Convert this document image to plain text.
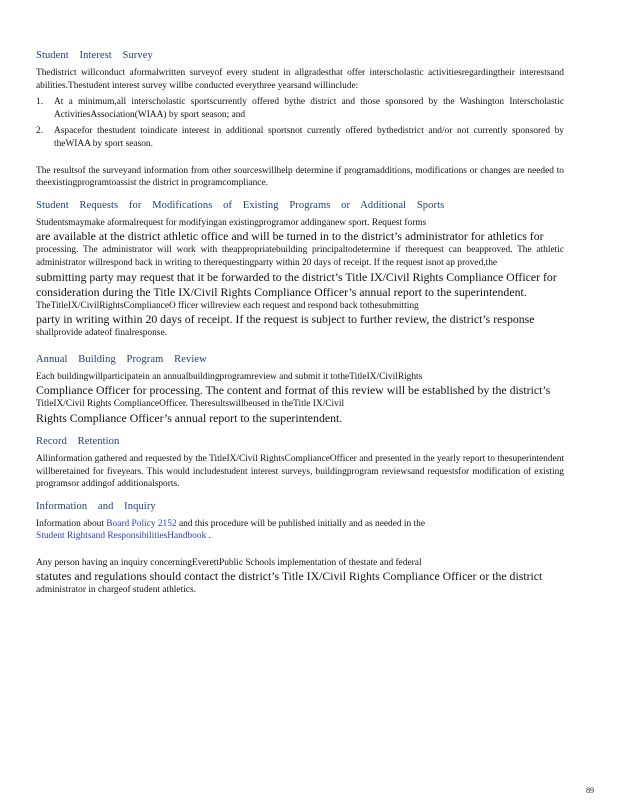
Student Interest Survey

Thedistrict willconduct aformalwritten surveyof every student in allgradesthat offer interscholastic activitiesregardingtheir interestsand abilities.Thestudent interest survey willbe conducted everythree yearsand willinclude:

1. At a minimum,all interscholastic sportscurrently offered bythe district and those sponsored by the Washington Interscholastic ActivitiesAssociation(WIAA) by sport season; and
2. Aspacefor thestudent toindicate interest in additional sportsnot currently offered bythedistrict and/or not currently sponsored by theWIAA by sport season.

The resultsof the surveyand information from other sourceswillhelp determine if programadditions, modifications or changes are needed to theexistingprogramtoassist the district in programcompliance.

Student Requests for Modifications of Existing Programs or Additional Sports

Studentsmaymake aformalrequest for modifyingan existingprogramor addinganew sport. Request forms

are available at the district athletic office and will be turned in to the district’s administrator for athletics for

processing. The administrator will work with theappropriatebuilding principaltodetermine if therequest can beapproved. The athletic administrator willrespond back in writing to therequestingparty within 20 days of receipt. If the request isnot ap proved,the

submitting party may request that it be forwarded to the district’s Title IX/Civil Rights Compliance Officer for consideration during the Title IX/Civil Rights Compliance Officer’s annual report to the superintendent.

TheTitleIX/CivilRightsComplianceO fficer willreview each request and respond back tothesubmitting

party in writing within 20 days of receipt. If the request is subject to further review, the district’s response

shallprovide adateof finalresponse.

Annual Building Program Review

Each buildingwillparticipatein an annualbuildingprogramreview and submit it totheTitleIX/CivilRights

Compliance Officer for processing. The content and format of this review will be established by the district’s

TitleIX/Civil Rights ComplianceOfficer. Theresultswillbeused in theTitle IX/Civil

Rights Compliance Officer’s annual report to the superintendent.

Record Retention

Allinformation gathered and requested by the TitleIX/Civil RightsComplianceOfficer and presented in the yearly report to thesuperintendent willberetained for fiveyears. This would includestudent interest surveys, buildingprogram reviewsand requestsfor modification of existing programsor addingof additionalsports.

Information and Inquiry

Information about Board Policy 2152 and this procedure will be published initially and as needed in the
Student Rightsand ResponsibilitiesHandbook .

Any person having an inquiry concerningEverettPublic Schools implementation of thestate and federal

statutes and regulations should contact the district’s Title IX/Civil Rights Compliance Officer or the district

administrator in chargeof student athletics.

89
